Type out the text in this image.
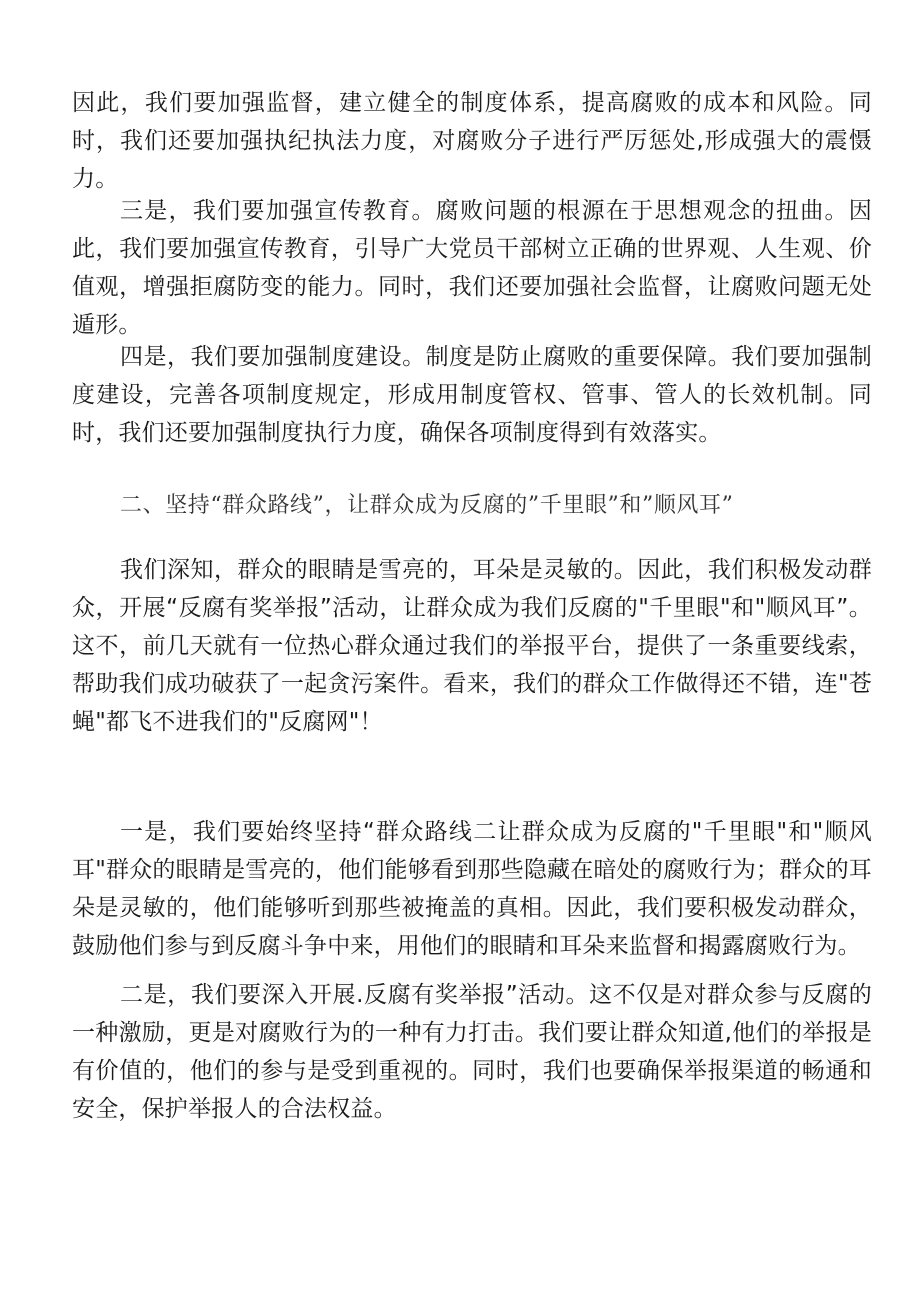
因此，我们要加强监督，建立健全的制度体系，提高腐败的成本和风险。同时，我们还要加强执纪执法力度，对腐败分子进行严厉惩处,形成强大的震慑力。

三是，我们要加强宣传教育。腐败问题的根源在于思想观念的扭曲。因此，我们要加强宣传教育，引导广大党员干部树立正确的世界观、人生观、价值观，增强拒腐防变的能力。同时，我们还要加强社会监督，让腐败问题无处遁形。

四是，我们要加强制度建设。制度是防止腐败的重要保障。我们要加强制度建设，完善各项制度规定，形成用制度管权、管事、管人的长效机制。同时，我们还要加强制度执行力度，确保各项制度得到有效落实。

二、坚持“群众路线”，让群众成为反腐的”千里眼”和”顺风耳”

我们深知，群众的眼睛是雪亮的，耳朵是灵敏的。因此，我们积极发动群众，开展“反腐有奖举报”活动，让群众成为我们反腐的"千里眼"和"顺风耳”。这不，前几天就有一位热心群众通过我们的举报平台，提供了一条重要线索，帮助我们成功破获了一起贪污案件。看来，我们的群众工作做得还不错，连"苍蝇"都飞不进我们的"反腐网"！

一是，我们要始终坚持“群众路线二让群众成为反腐的"千里眼"和"顺风耳"群众的眼睛是雪亮的，他们能够看到那些隐藏在暗处的腐败行为；群众的耳朵是灵敏的，他们能够听到那些被掩盖的真相。因此，我们要积极发动群众，鼓励他们参与到反腐斗争中来，用他们的眼睛和耳朵来监督和揭露腐败行为。

二是，我们要深入开展.反腐有奖举报”活动。这不仅是对群众参与反腐的一种激励，更是对腐败行为的一种有力打击。我们要让群众知道,他们的举报是有价值的，他们的参与是受到重视的。同时，我们也要确保举报渠道的畅通和安全，保护举报人的合法权益。
